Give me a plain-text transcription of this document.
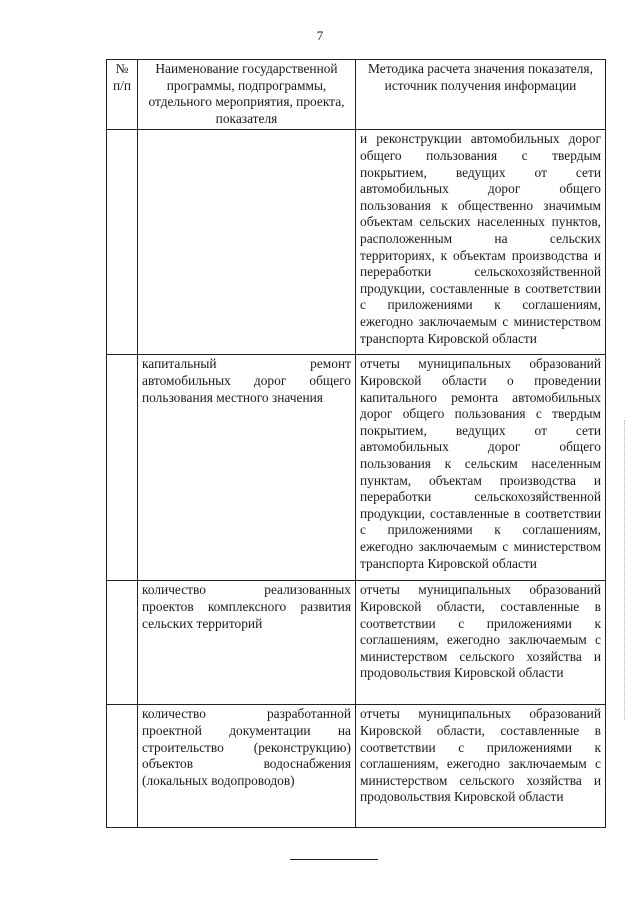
7
№ п/п	Наименование государственной программы, подпрограммы, отдельного мероприятия, проекта, показателя	Методика расчета значения показателя, источник получения информации
		и реконструкции автомобильных дорог общего пользования с твердым покрытием, ведущих от сети автомобильных дорог общего пользования к общественно значимым объектам сельских населенных пунктов, расположенным на сельских территориях, к объектам производства и переработки сельскохозяйственной продукции, составленные в соответствии с приложениями к соглашениям, ежегодно заключаемым с министерством транспорта Кировской области
	капитальный ремонт автомобильных дорог общего пользования местного значения	отчеты муниципальных образований Кировской области о проведении капитального ремонта автомобильных дорог общего пользования с твердым покрытием, ведущих от сети автомобильных дорог общего пользования к сельским населенным пунктам, объектам производства и переработки сельскохозяйственной продукции, составленные в соответствии с приложениями к соглашениям, ежегодно заключаемым с министерством транспорта Кировской области
	количество реализованных проектов комплексного развития сельских территорий	отчеты муниципальных образований Кировской области, составленные в соответствии с приложениями к соглашениям, ежегодно заключаемым с министерством сельского хозяйства и продовольствия Кировской области
	количество разработанной проектной документации на строительство (реконструкцию) объектов водоснабжения (локальных водопроводов)	отчеты муниципальных образований Кировской области, составленные в соответствии с приложениями к соглашениям, ежегодно заключаемым с министерством сельского хозяйства и продовольствия Кировской области
